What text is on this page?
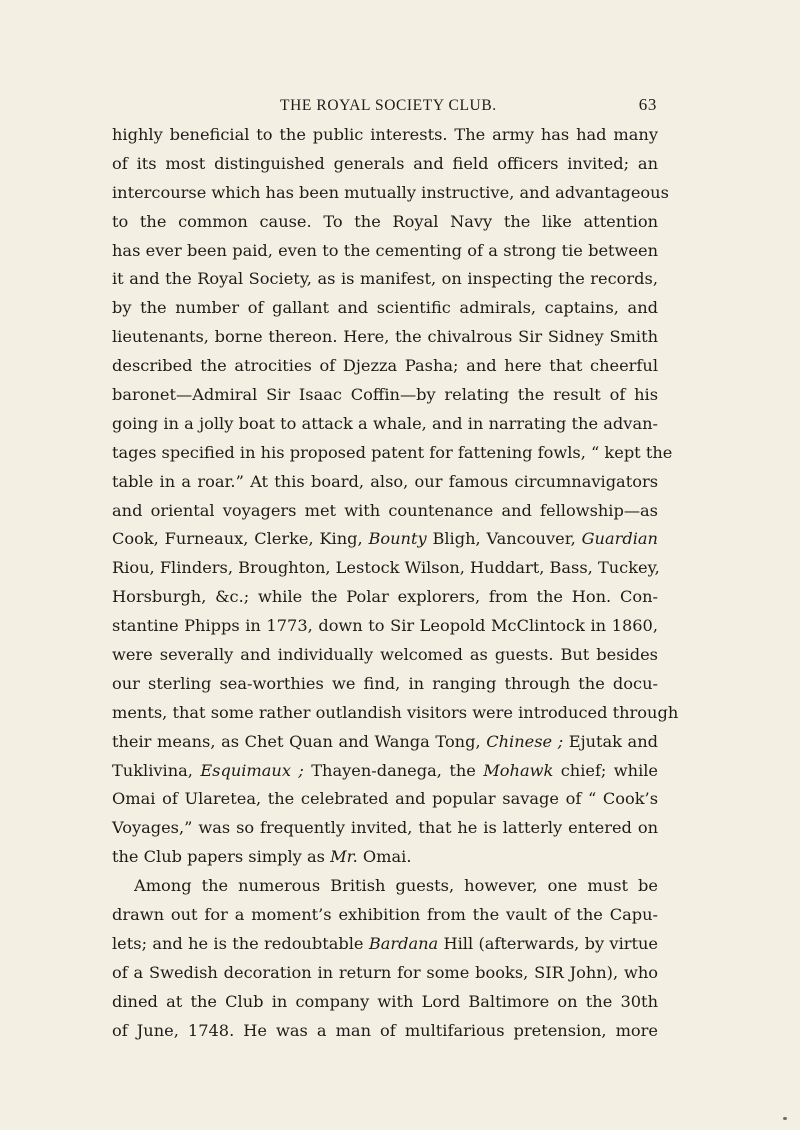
THE ROYAL SOCIETY CLUB.	63
highly beneficial to the public interests. The army has had many
of its most distinguished generals and field officers invited; an
intercourse which has been mutually instructive, and advantageous
to the common cause. To the Royal Navy the like attention
has ever been paid, even to the cementing of a strong tie between
it and the Royal Society, as is manifest, on inspecting the records,
by the number of gallant and scientific admirals, captains, and
lieutenants, borne thereon. Here, the chivalrous Sir Sidney Smith
described the atrocities of Djezza Pasha; and here that cheerful
baronet—Admiral Sir Isaac Coffin—by relating the result of his
going in a jolly boat to attack a whale, and in narrating the advan-
tages specified in his proposed patent for fattening fowls, “ kept the
table in a roar.” At this board, also, our famous circumnavigators
and oriental voyagers met with countenance and fellowship—as
Cook, Furneaux, Clerke, King, Bounty Bligh, Vancouver, Guardian
Riou, Flinders, Broughton, Lestock Wilson, Huddart, Bass, Tuckey,
Horsburgh, &c.; while the Polar explorers, from the Hon. Con-
stantine Phipps in 1773, down to Sir Leopold McClintock in 1860,
were severally and individually welcomed as guests. But besides
our sterling sea-worthies we find, in ranging through the docu-
ments, that some rather outlandish visitors were introduced through
their means, as Chet Quan and Wanga Tong, Chinese ; Ejutak and
Tuklivina, Esquimaux ; Thayen-danega, the Mohawk chief; while
Omai of Ularetea, the celebrated and popular savage of “ Cook’s
Voyages,” was so frequently invited, that he is latterly entered on
the Club papers simply as Mr. Omai.
Among the numerous British guests, however, one must be
drawn out for a moment’s exhibition from the vault of the Capu-
lets; and he is the redoubtable Bardana Hill (afterwards, by virtue
of a Swedish decoration in return for some books, SIR John), who
dined at the Club in company with Lord Baltimore on the 30th
of June, 1748. He was a man of multifarious pretension, more
